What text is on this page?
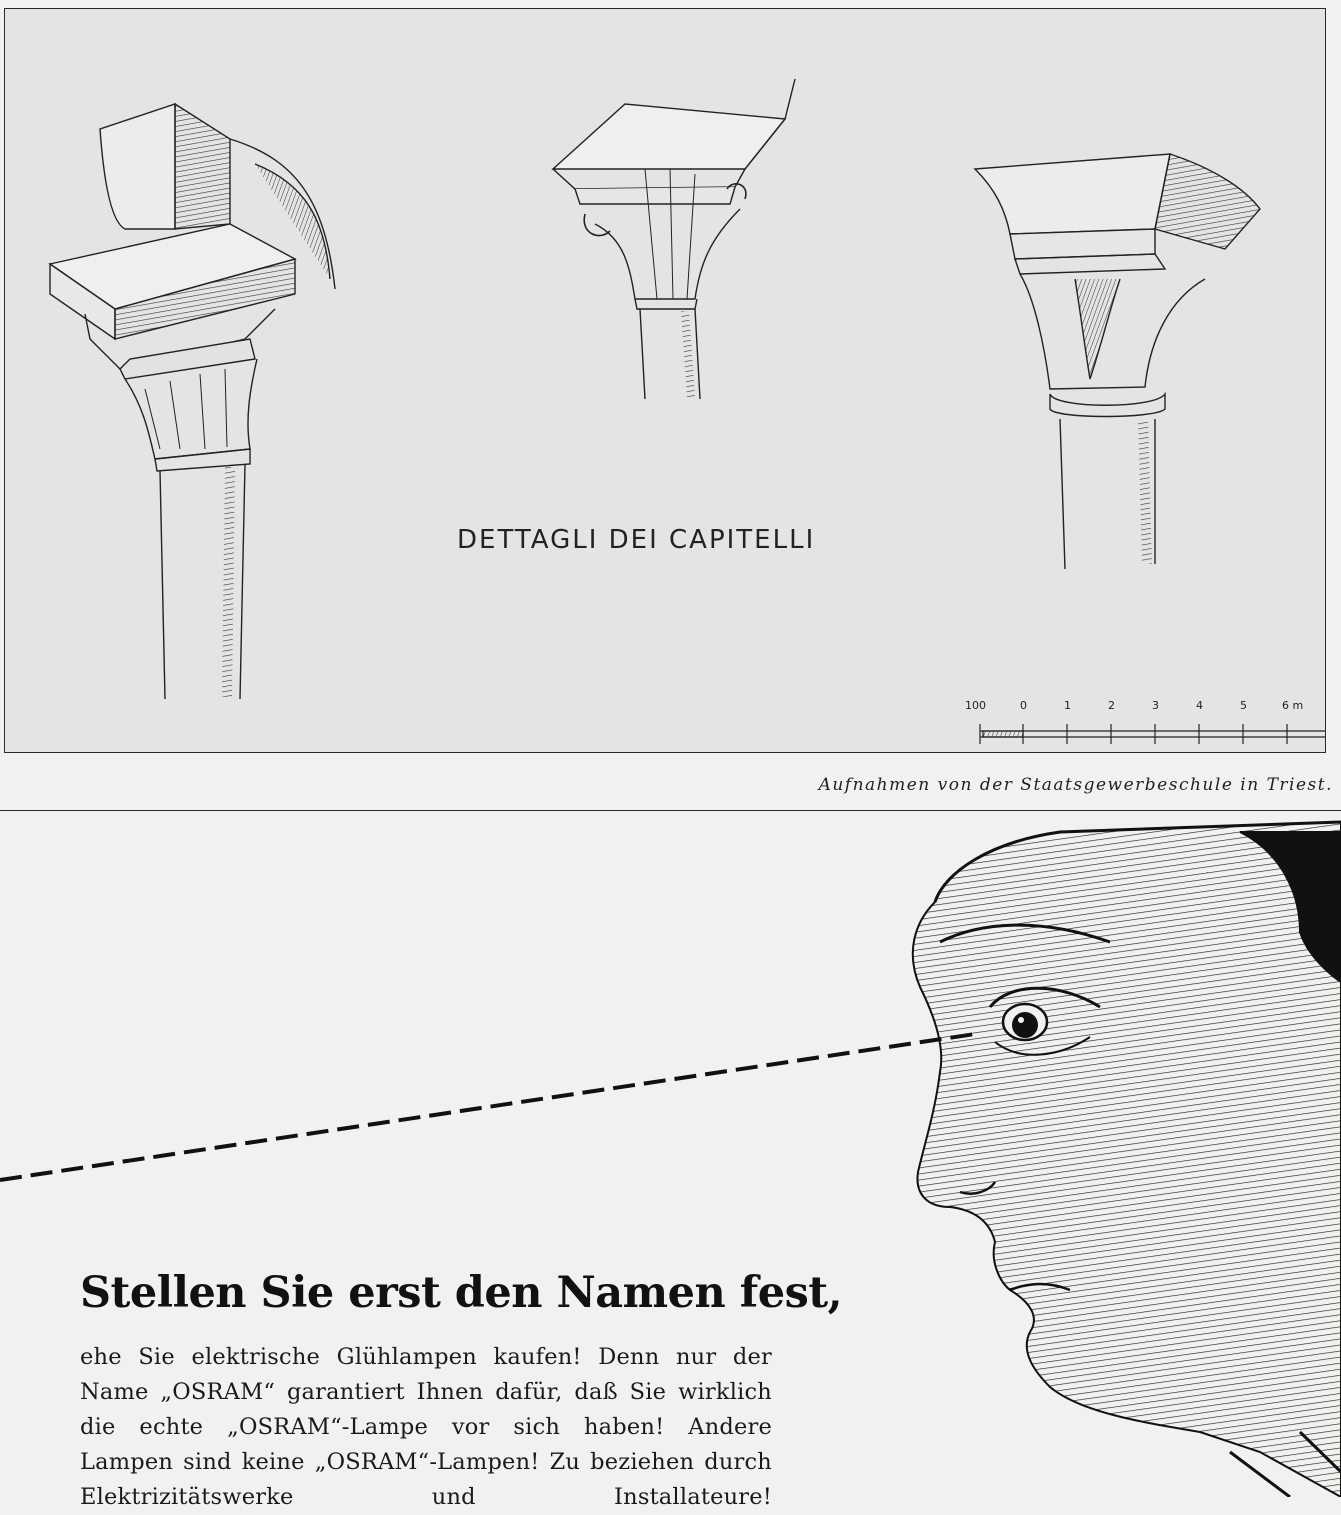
DETTAGLI DEI CAPITELLI
100	0	1	2	3	4	5	6 m

Aufnahmen von der Staatsgewerbeschule in Triest.

Stellen Sie erst den Namen fest,

ehe Sie elektrische Glühlampen kaufen! Denn nur der Name „OSRAM“ garantiert Ihnen dafür, daß Sie wirklich die echte „OSRAM“-Lampe vor sich haben! Andere Lampen sind keine „OSRAM“-Lampen! Zu beziehen durch Elektrizitätswerke und Installateure!
